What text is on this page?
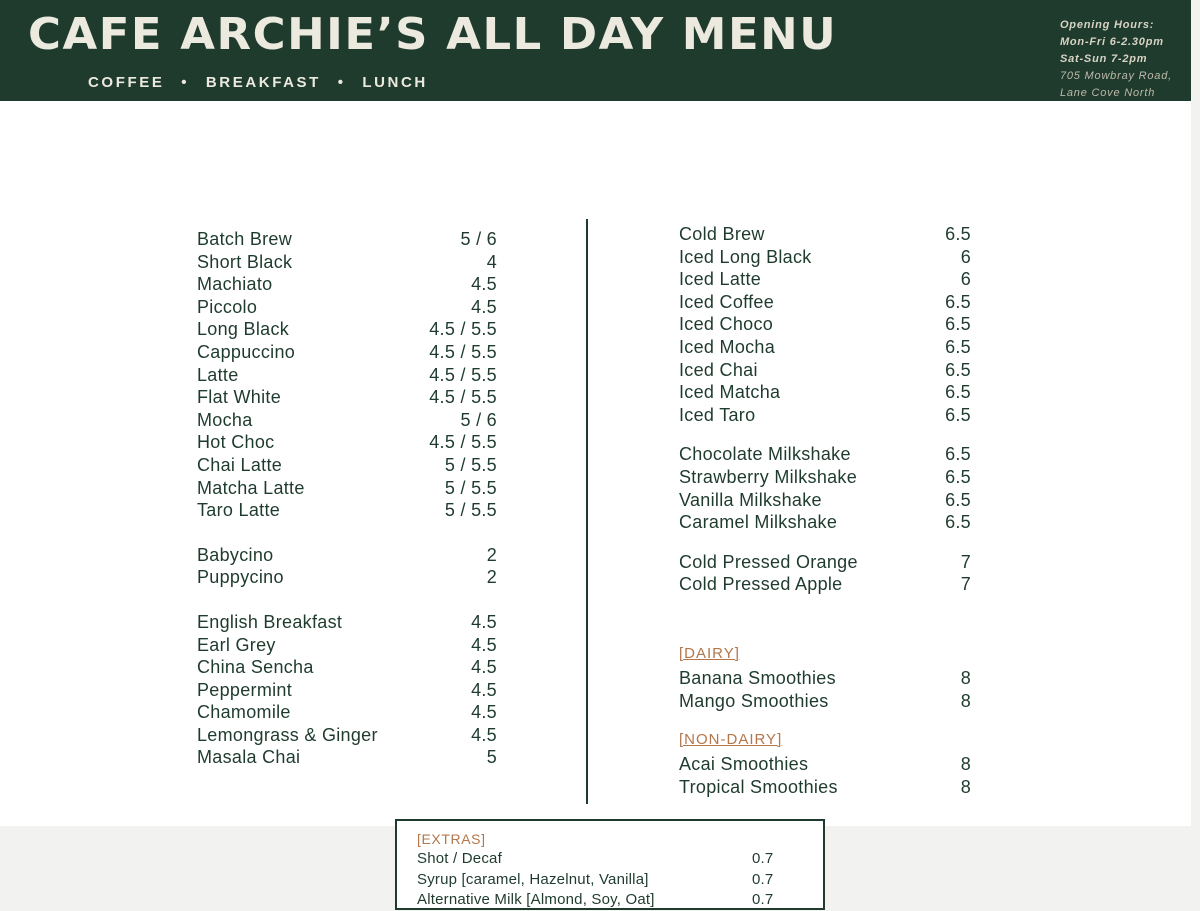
CAFE ARCHIE’S ALL DAY MENU
COFFEE • BREAKFAST • LUNCH
Opening Hours:
Mon-Fri 6-2.30pm
Sat-Sun 7-2pm
705 Mowbray Road,
Lane Cove North
Batch Brew	5 / 6
Short Black	4
Machiato	4.5
Piccolo	4.5
Long Black	4.5 / 5.5
Cappuccino	4.5 / 5.5
Latte	4.5 / 5.5
Flat White	4.5 / 5.5
Mocha	5 / 6
Hot Choc	4.5 / 5.5
Chai Latte	5 / 5.5
Matcha Latte	5 / 5.5
Taro Latte	5 / 5.5
Babycino	2
Puppycino	2
English Breakfast	4.5
Earl Grey	4.5
China Sencha	4.5
Peppermint	4.5
Chamomile	4.5
Lemongrass & Ginger	4.5
Masala Chai	5
Cold Brew	6.5
Iced Long Black	6
Iced Latte	6
Iced Coffee	6.5
Iced Choco	6.5
Iced Mocha	6.5
Iced Chai	6.5
Iced Matcha	6.5
Iced Taro	6.5
Chocolate Milkshake	6.5
Strawberry Milkshake	6.5
Vanilla Milkshake	6.5
Caramel Milkshake	6.5
Cold Pressed Orange	7
Cold Pressed Apple	7
[DAIRY]
Banana Smoothies	8
Mango Smoothies	8
[NON-DAIRY]
Acai Smoothies	8
Tropical Smoothies	8
[EXTRAS]
Shot / Decaf	0.7
Syrup [caramel, Hazelnut, Vanilla]	0.7
Alternative Milk [Almond, Soy, Oat]	0.7
